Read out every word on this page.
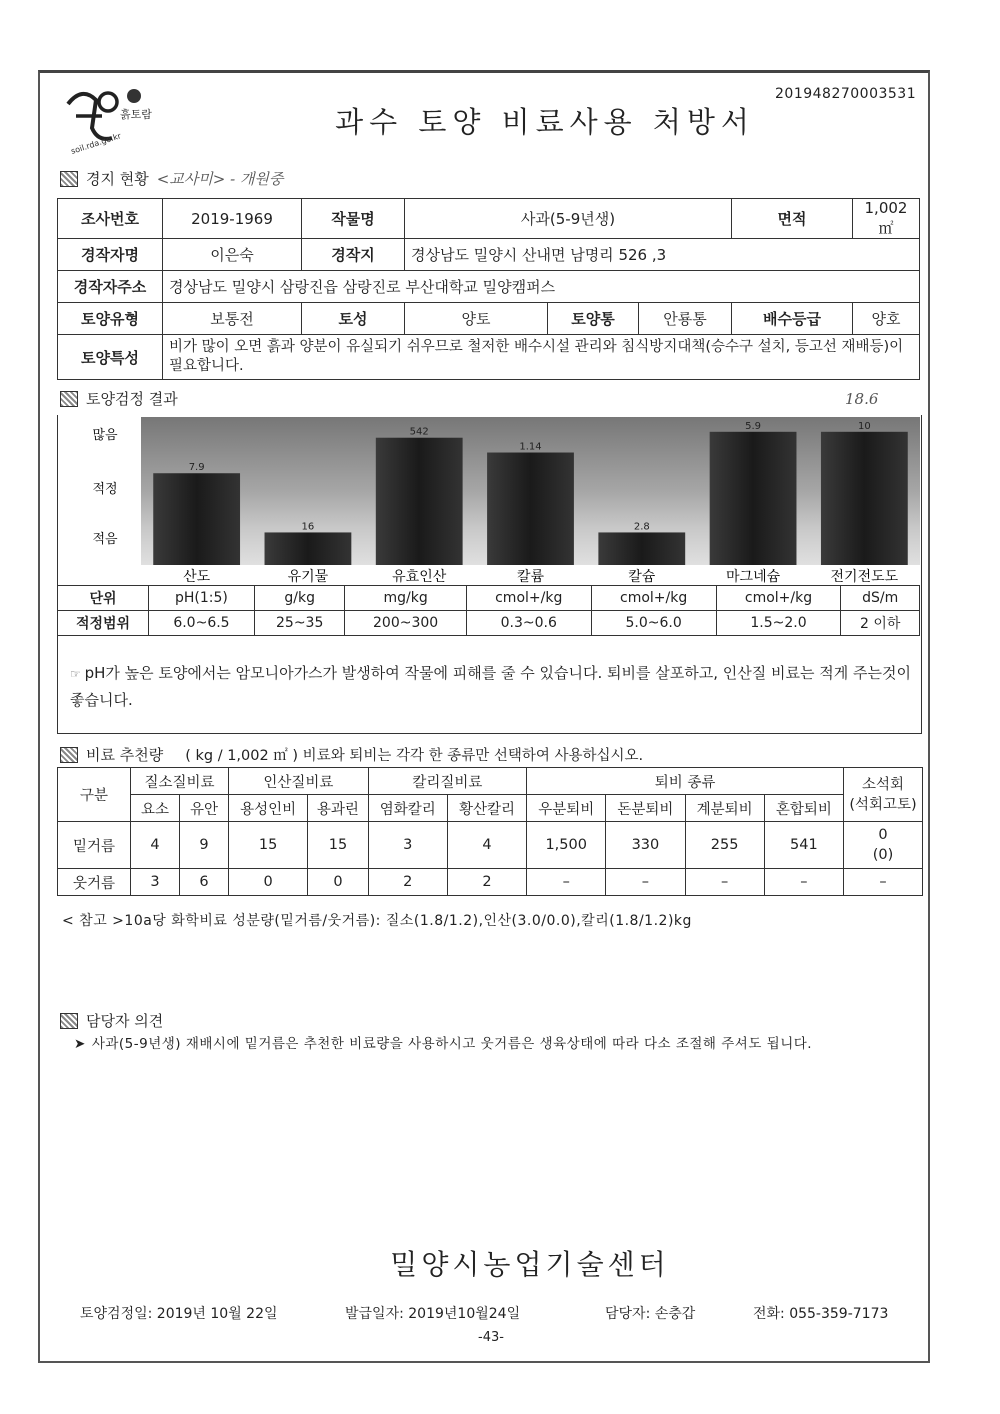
201948270003531
흙토람
soil.rda.go.kr
과수 토양 비료사용 처방서
경지 현황 <교사미> - 개원중
조사번호	2019-1969	작물명	사과(5-9년생)			면적	1,002㎡
경작자명	이은숙	경작지	경상남도 밀양시 산내면 남명리 526 ,3				
경작자주소	경상남도 밀양시 삼랑진읍 삼랑진로 부산대학교 밀양캠퍼스						
토양유형	보통전	토성	양토	토양통	안룡통	배수등급	양호
토양특성	비가 많이 오면 흙과 양분이 유실되기 쉬우므로 철저한 배수시설 관리와 침식방지대책(승수구 설치, 등고선 재배등)이 필요합니다.						
토양검정 결과	18.6
많음
적정
적음
7.9
산도
16
유기물
542
유효인산
1.14
칼륨
2.8
칼슘
5.9
마그네슘
10
전기전도도
단위	pH(1:5)	g/kg	mg/kg	cmol+/kg	cmol+/kg	cmol+/kg	dS/m
적정범위	6.0~6.5	25~35	200~300	0.3~0.6	5.0~6.0	1.5~2.0	2 이하
☞ pH가 높은 토양에서는 암모니아가스가 발생하여 작물에 피해를 줄 수 있습니다. 퇴비를 살포하고, 인산질 비료는 적게 주는것이 좋습니다.
비료 추천량 ( kg / 1,002 ㎡ ) 비료와 퇴비는 각각 한 종류만 선택하여 사용하십시오.
구분	질소질비료		인산질비료		칼리질비료		퇴비 종류				소석회
(석회고토)
	요소	유안	용성인비	용과린	염화칼리	황산칼리	우분퇴비	돈분퇴비	계분퇴비	혼합퇴비	
밑거름	4	9	15	15	3	4	1,500	330	255	541	0
(0)
웃거름	3	6	0	0	2	2	–	–	–	–	–
< 참고 >10a당 화학비료 성분량(밑거름/웃거름): 질소(1.8/1.2),인산(3.0/0.0),칼리(1.8/1.2)kg
담당자 의견
➤ 사과(5-9년생) 재배시에 밑거름은 추천한 비료량을 사용하시고 웃거름은 생육상태에 따라 다소 조절해 주셔도 됩니다.
밀양시농업기술센터
토양검정일: 2019년 10월 22일	발급일자: 2019년10월24일	담당자: 손충갑	전화: 055-359-7173
-43-
